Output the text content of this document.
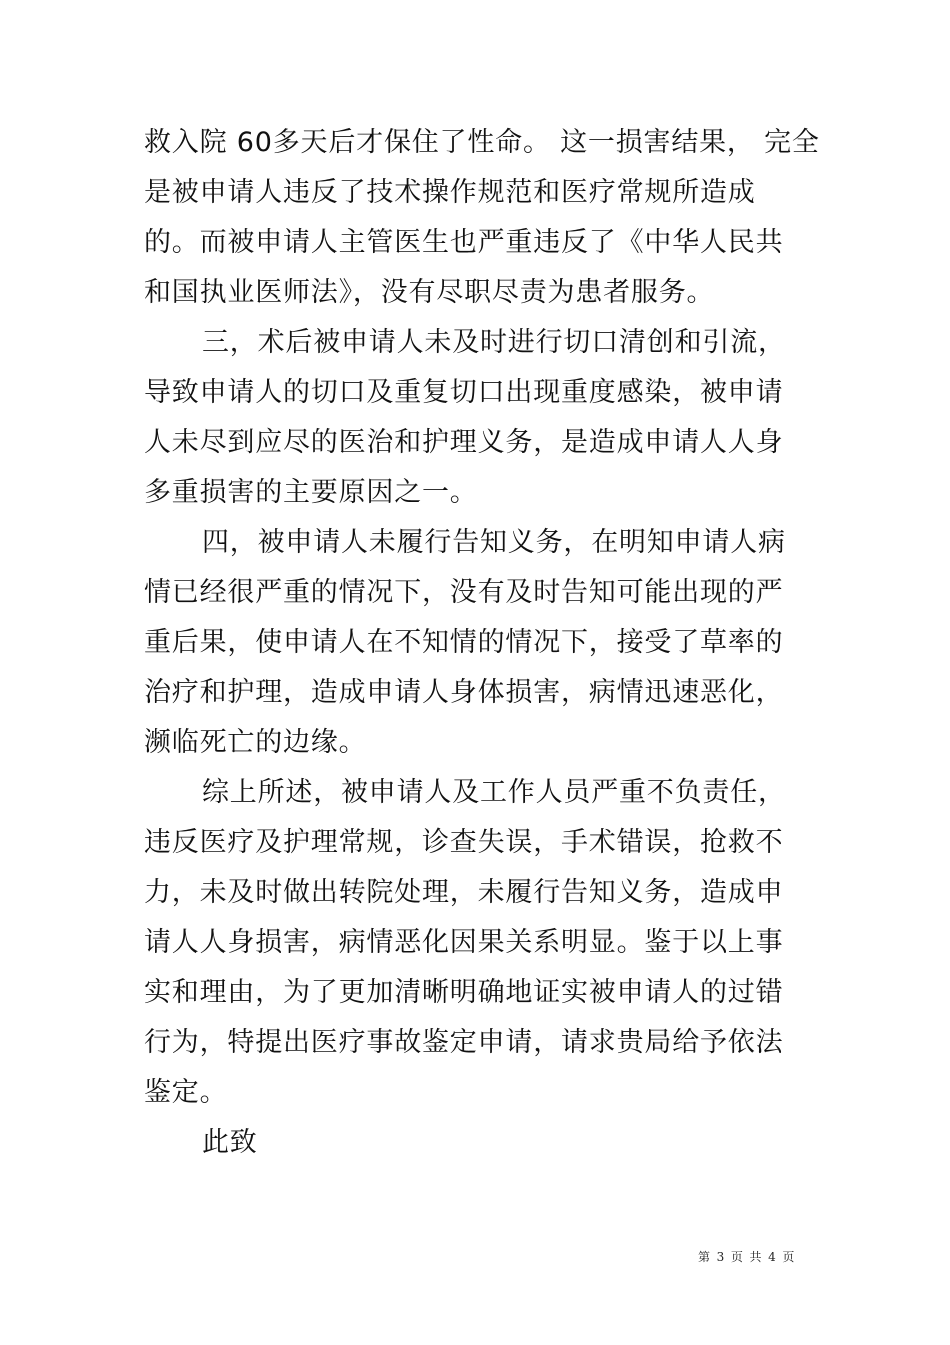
救入院 60多天后才保住了性命。 这一损害结果， 完全
是被申请人违反了技术操作规范和医疗常规所造成
的。而被申请人主管医生也严重违反了《中华人民共
和国执业医师法》，没有尽职尽责为患者服务。
三，术后被申请人未及时进行切口清创和引流，
导致申请人的切口及重复切口出现重度感染，被申请
人未尽到应尽的医治和护理义务，是造成申请人人身
多重损害的主要原因之一。
四，被申请人未履行告知义务，在明知申请人病
情已经很严重的情况下，没有及时告知可能出现的严
重后果，使申请人在不知情的情况下，接受了草率的
治疗和护理，造成申请人身体损害，病情迅速恶化，
濒临死亡的边缘。
综上所述，被申请人及工作人员严重不负责任，
违反医疗及护理常规，诊查失误，手术错误，抢救不
力，未及时做出转院处理，未履行告知义务，造成申
请人人身损害，病情恶化因果关系明显。鉴于以上事
实和理由，为了更加清晰明确地证实被申请人的过错
行为，特提出医疗事故鉴定申请，请求贵局给予依法
鉴定。
此致
第 3 页 共 4 页
